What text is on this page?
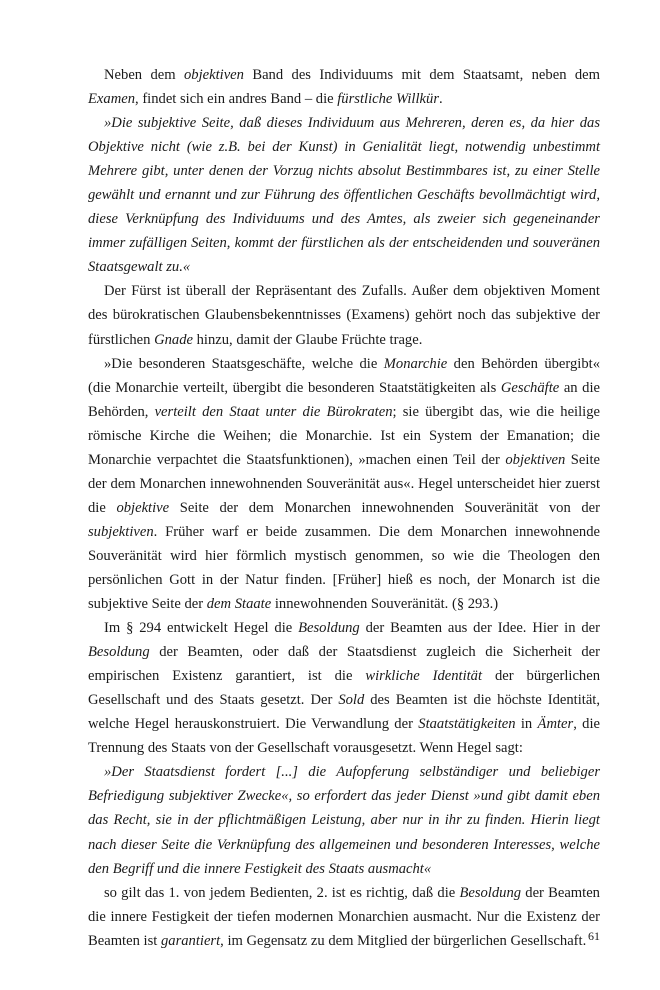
Neben dem objektiven Band des Individuums mit dem Staatsamt, neben dem Examen, findet sich ein andres Band – die fürstliche Willkür.

»Die subjektive Seite, daß dieses Individuum aus Mehreren, deren es, da hier das Objektive nicht (wie z.B. bei der Kunst) in Genialität liegt, notwendig unbestimmt Mehrere gibt, unter denen der Vorzug nichts absolut Bestimmbares ist, zu einer Stelle gewählt und ernannt und zur Führung des öffentlichen Geschäfts bevollmächtigt wird, diese Verknüpfung des Individuums und des Amtes, als zweier sich gegeneinander immer zufälligen Seiten, kommt der fürstlichen als der entscheidenden und souveränen Staatsgewalt zu.«

Der Fürst ist überall der Repräsentant des Zufalls. Außer dem objektiven Moment des bürokratischen Glaubensbekenntnisses (Examens) gehört noch das subjektive der fürstlichen Gnade hinzu, damit der Glaube Früchte trage.

»Die besonderen Staatsgeschäfte, welche die Monarchie den Behörden übergibt« (die Monarchie verteilt, übergibt die besonderen Staatstätigkeiten als Geschäfte an die Behörden, verteilt den Staat unter die Bürokraten; sie übergibt das, wie die heilige römische Kirche die Weihen; die Monarchie. Ist ein System der Emanation; die Monarchie verpachtet die Staatsfunktionen), »machen einen Teil der objektiven Seite der dem Monarchen innewohnenden Souveränität aus«. Hegel unterscheidet hier zuerst die objektive Seite der dem Monarchen innewohnenden Souveränität von der subjektiven. Früher warf er beide zusammen. Die dem Monarchen innewohnende Souveränität wird hier förmlich mystisch genommen, so wie die Theologen den persönlichen Gott in der Natur finden. [Früher] hieß es noch, der Monarch ist die subjektive Seite der dem Staate innewohnenden Souveränität. (§ 293.)

Im § 294 entwickelt Hegel die Besoldung der Beamten aus der Idee. Hier in der Besoldung der Beamten, oder daß der Staatsdienst zugleich die Sicherheit der empirischen Existenz garantiert, ist die wirkliche Identität der bürgerlichen Gesellschaft und des Staats gesetzt. Der Sold des Beamten ist die höchste Identität, welche Hegel herauskonstruiert. Die Verwandlung der Staatstätigkeiten in Ämter, die Trennung des Staats von der Gesellschaft vorausgesetzt. Wenn Hegel sagt:

»Der Staatsdienst fordert [...] die Aufopferung selbständiger und beliebiger Befriedigung subjektiver Zwecke«, so erfordert das jeder Dienst »und gibt damit eben das Recht, sie in der pflichtmäßigen Leistung, aber nur in ihr zu finden. Hierin liegt nach dieser Seite die Verknüpfung des allgemeinen und besonderen Interesses, welche den Begriff und die innere Festigkeit des Staats ausmacht«

so gilt das 1. von jedem Bedienten, 2. ist es richtig, daß die Besoldung der Beamten die innere Festigkeit der tiefen modernen Monarchien ausmacht. Nur die Existenz der Beamten ist garantiert, im Gegensatz zu dem Mitglied der bürgerlichen Gesellschaft. 61
